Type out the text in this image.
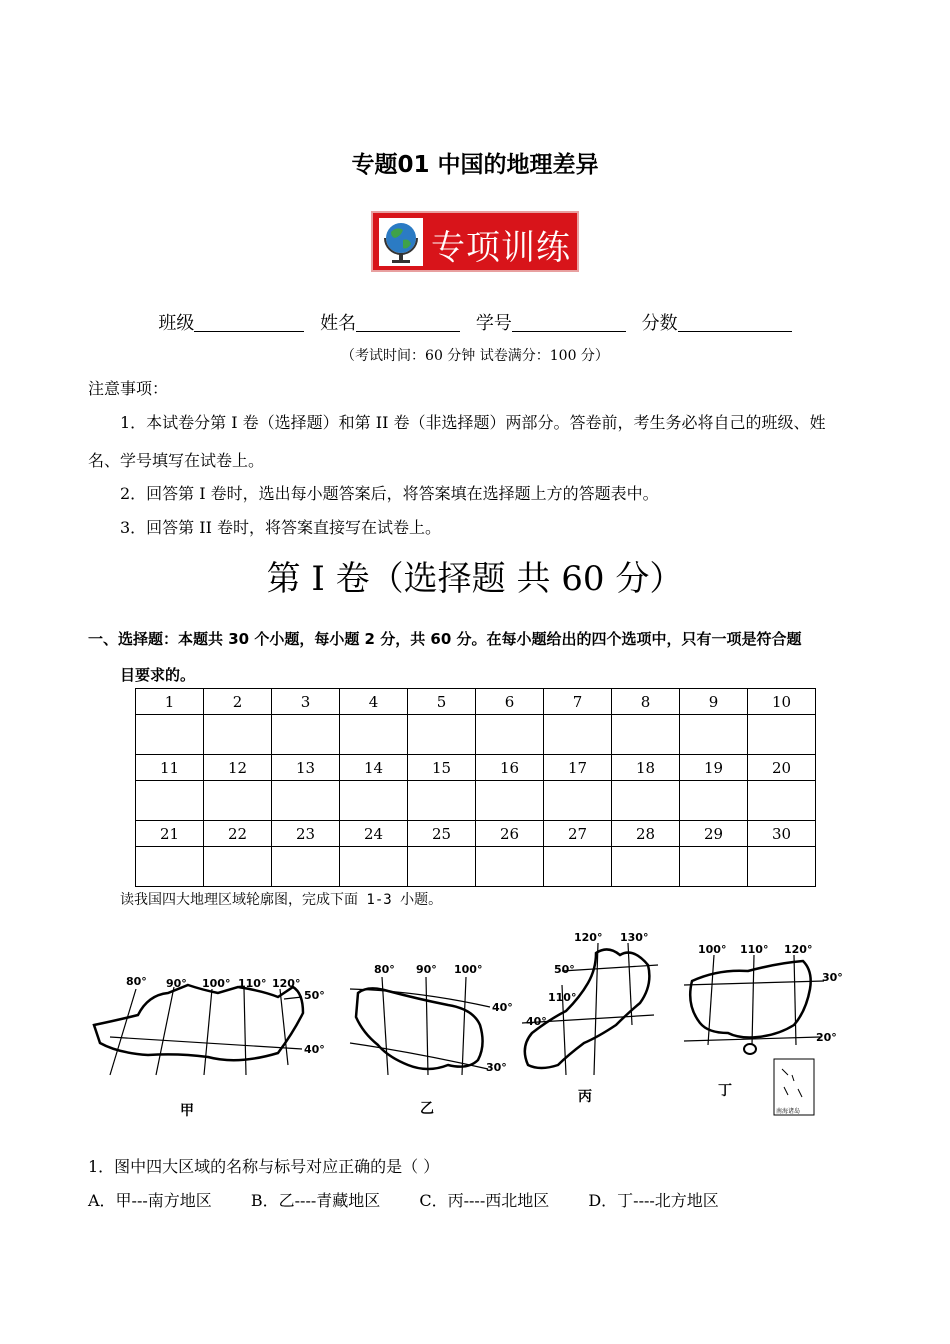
专题01 中国的地理差异
专项训练
班级	姓名	学号	分数
（考试时间：60 分钟 试卷满分：100 分）
注意事项：
1．本试卷分第 I 卷（选择题）和第 II 卷（非选择题）两部分。答卷前，考生务必将自己的班级、姓
名、学号填写在试卷上。
2．回答第 I 卷时，选出每小题答案后，将答案填在选择题上方的答题表中。
3．回答第 II 卷时，将答案直接写在试卷上。
第 I 卷（选择题 共 60 分）
一、选择题：本题共 30 个小题，每小题 2 分，共 60 分。在每小题给出的四个选项中，只有一项是符合题
目要求的。
1	2	3	4	5	6	7	8	9	10

11	12	13	14	15	16	17	18	19	20

21	22	23	24	25	26	27	28	29	30

读我国四大地理区域轮廓图，完成下面 1-3 小题。
80° 90° 100° 110° 120°
50°
40°
甲
80° 90° 100°
40°
30°
乙
120° 130°
110°
50°
40°
丙
100° 110° 120°
30°
20°
丁
南海诸岛
1．图中四大区域的名称与标号对应正确的是（ ）
A．甲---南方地区 B．乙----青藏地区 C．丙----西北地区 D．丁----北方地区
